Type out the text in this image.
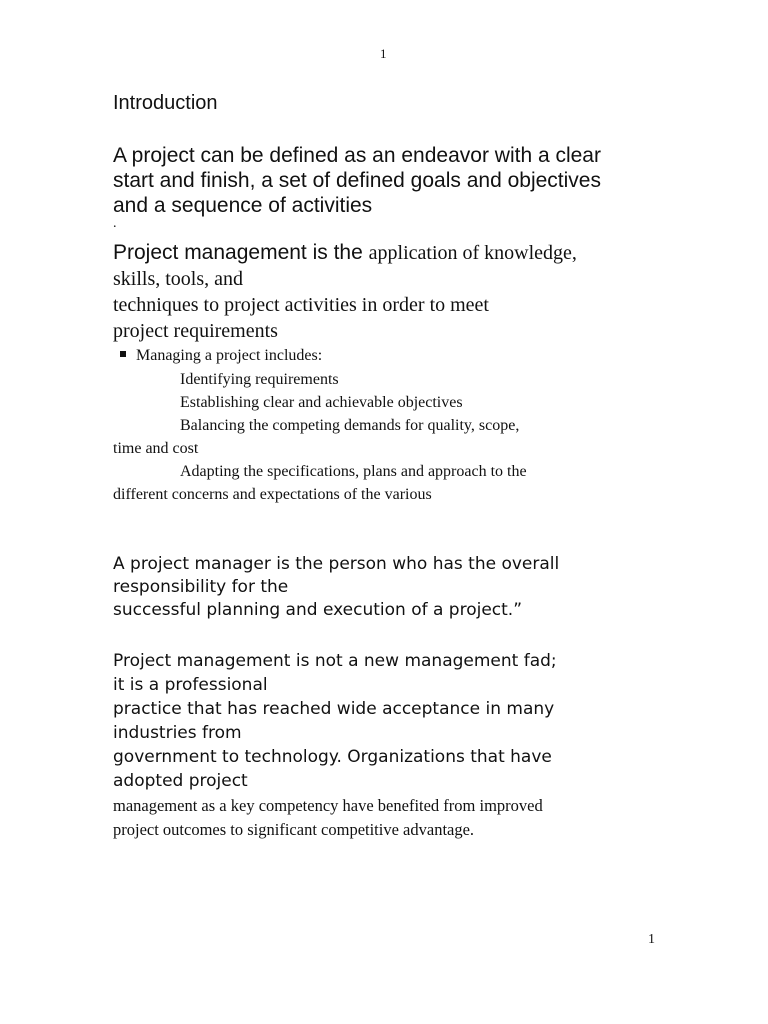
1
Introduction
A project can be defined as an endeavor with a clear
start and finish, a set of defined goals and objectives
and a sequence of activities
.
Project management is the application of knowledge,
skills, tools, and
techniques to project activities in order to meet
project requirements
Managing a project includes:
Identifying requirements
Establishing clear and achievable objectives
Balancing the competing demands for quality, scope,
time and cost
Adapting the specifications, plans and approach to the
different concerns and expectations of the various
A project manager is the person who has the overall
responsibility for the
successful planning and execution of a project.”
Project management is not a new management fad;
it is a professional
practice that has reached wide acceptance in many
industries from
government to technology. Organizations that have
adopted project
management as a key competency have benefited from improved
project outcomes to significant competitive advantage.
1
